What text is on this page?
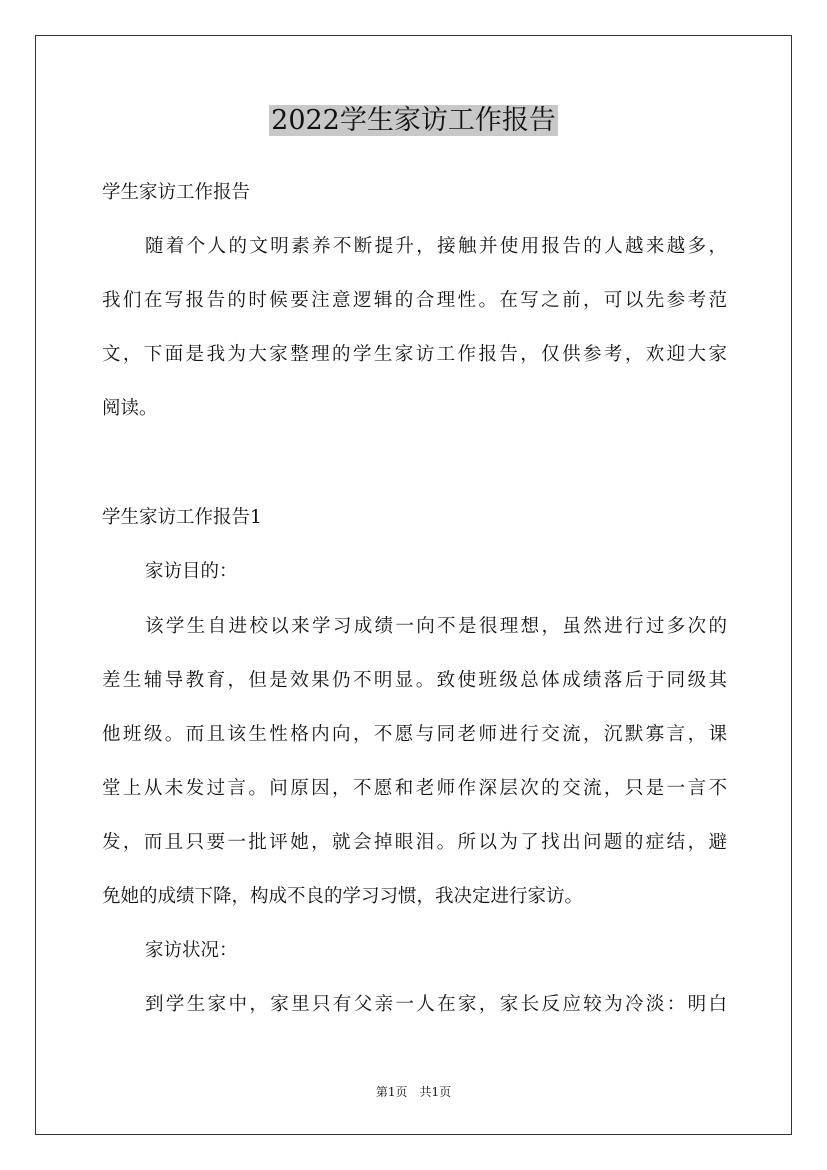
2022学生家访工作报告

学生家访工作报告

随着个人的文明素养不断提升，接触并使用报告的人越来越多，

我们在写报告的时候要注意逻辑的合理性。在写之前，可以先参考范

文，下面是我为大家整理的学生家访工作报告，仅供参考，欢迎大家

阅读。

学生家访工作报告1

家访目的：

该学生自进校以来学习成绩一向不是很理想，虽然进行过多次的

差生辅导教育，但是效果仍不明显。致使班级总体成绩落后于同级其

他班级。而且该生性格内向，不愿与同老师进行交流，沉默寡言，课

堂上从未发过言。问原因，不愿和老师作深层次的交流，只是一言不

发，而且只要一批评她，就会掉眼泪。所以为了找出问题的症结，避

免她的成绩下降，构成不良的学习习惯，我决定进行家访。

家访状况：

到学生家中，家里只有父亲一人在家，家长反应较为冷淡：明白

第1页　共1页
